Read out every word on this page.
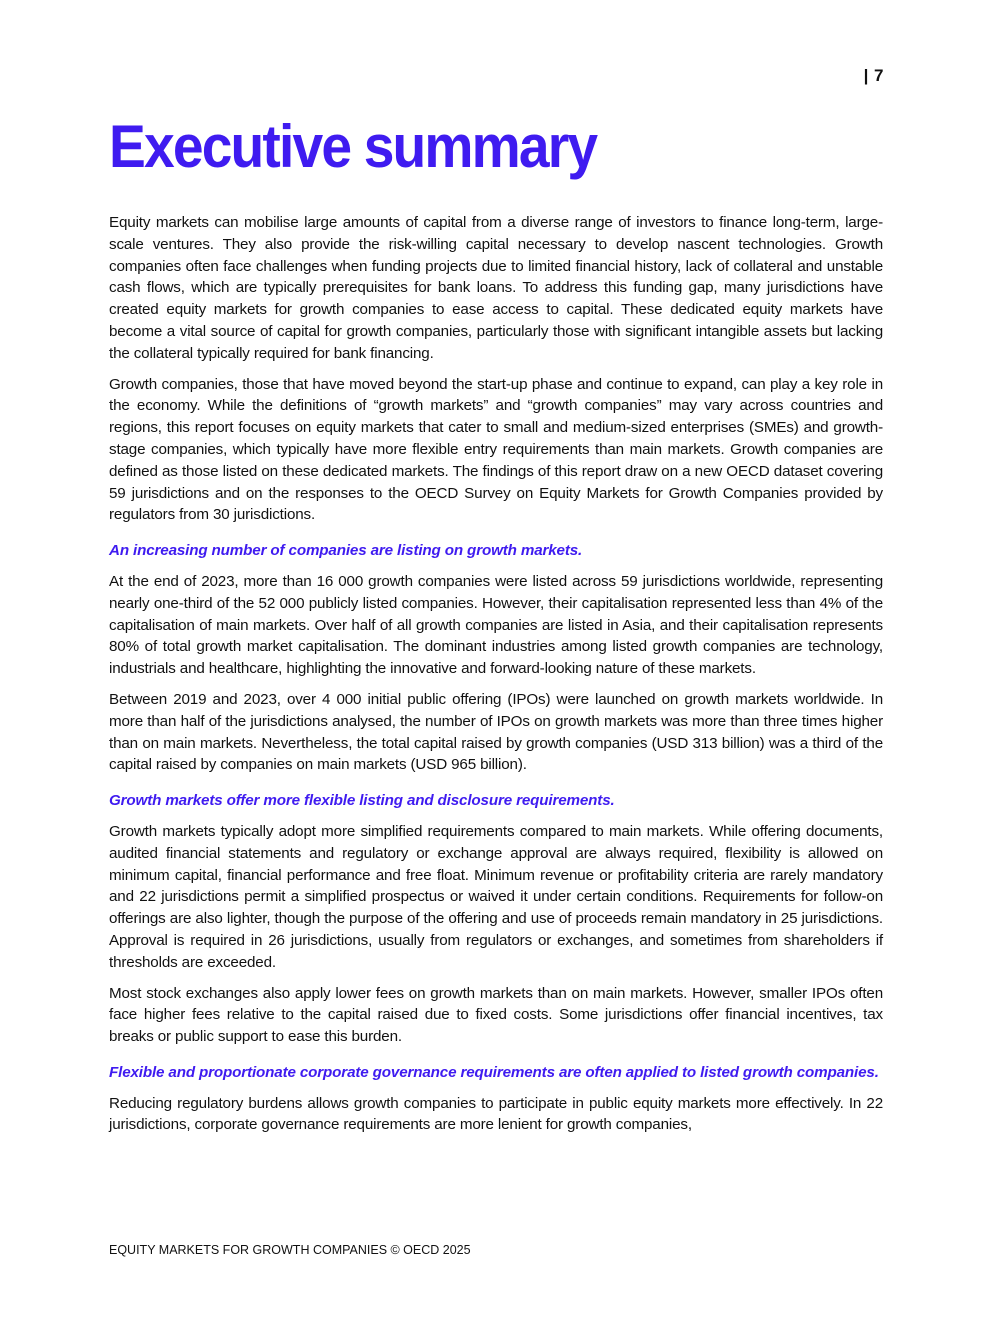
| 7
Executive summary

Equity markets can mobilise large amounts of capital from a diverse range of investors to finance long-term, large-scale ventures. They also provide the risk-willing capital necessary to develop nascent technologies. Growth companies often face challenges when funding projects due to limited financial history, lack of collateral and unstable cash flows, which are typically prerequisites for bank loans. To address this funding gap, many jurisdictions have created equity markets for growth companies to ease access to capital. These dedicated equity markets have become a vital source of capital for growth companies, particularly those with significant intangible assets but lacking the collateral typically required for bank financing.

Growth companies, those that have moved beyond the start-up phase and continue to expand, can play a key role in the economy. While the definitions of “growth markets” and “growth companies” may vary across countries and regions, this report focuses on equity markets that cater to small and medium-sized enterprises (SMEs) and growth-stage companies, which typically have more flexible entry requirements than main markets. Growth companies are defined as those listed on these dedicated markets. The findings of this report draw on a new OECD dataset covering 59 jurisdictions and on the responses to the OECD Survey on Equity Markets for Growth Companies provided by regulators from 30 jurisdictions.

An increasing number of companies are listing on growth markets.

At the end of 2023, more than 16 000 growth companies were listed across 59 jurisdictions worldwide, representing nearly one-third of the 52 000 publicly listed companies. However, their capitalisation represented less than 4% of the capitalisation of main markets. Over half of all growth companies are listed in Asia, and their capitalisation represents 80% of total growth market capitalisation. The dominant industries among listed growth companies are technology, industrials and healthcare, highlighting the innovative and forward-looking nature of these markets.

Between 2019 and 2023, over 4 000 initial public offering (IPOs) were launched on growth markets worldwide. In more than half of the jurisdictions analysed, the number of IPOs on growth markets was more than three times higher than on main markets. Nevertheless, the total capital raised by growth companies (USD 313 billion) was a third of the capital raised by companies on main markets (USD 965 billion).

Growth markets offer more flexible listing and disclosure requirements.

Growth markets typically adopt more simplified requirements compared to main markets. While offering documents, audited financial statements and regulatory or exchange approval are always required, flexibility is allowed on minimum capital, financial performance and free float. Minimum revenue or profitability criteria are rarely mandatory and 22 jurisdictions permit a simplified prospectus or waived it under certain conditions. Requirements for follow-on offerings are also lighter, though the purpose of the offering and use of proceeds remain mandatory in 25 jurisdictions. Approval is required in 26 jurisdictions, usually from regulators or exchanges, and sometimes from shareholders if thresholds are exceeded.

Most stock exchanges also apply lower fees on growth markets than on main markets. However, smaller IPOs often face higher fees relative to the capital raised due to fixed costs. Some jurisdictions offer financial incentives, tax breaks or public support to ease this burden.

Flexible and proportionate corporate governance requirements are often applied to listed growth companies.

Reducing regulatory burdens allows growth companies to participate in public equity markets more effectively. In 22 jurisdictions, corporate governance requirements are more lenient for growth companies,

EQUITY MARKETS FOR GROWTH COMPANIES © OECD 2025
